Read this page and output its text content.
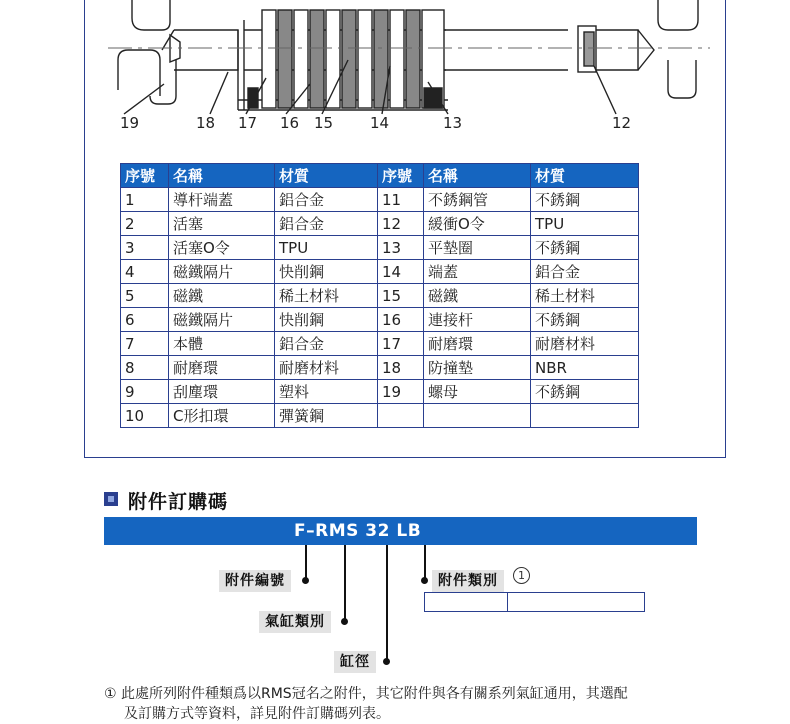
19	18 17 16 15 14	13	12
序號	名稱	材質	序號	名稱	材質
1	導杆端蓋	鋁合金	11	不銹鋼管	不銹鋼
2	活塞	鋁合金	12	緩衝O令	TPU
3	活塞O令	TPU	13	平墊圈	不銹鋼
4	磁鐵隔片	快削鋼	14	端蓋	鋁合金
5	磁鐵	稀土材料	15	磁鐵	稀土材料
6	磁鐵隔片	快削鋼	16	連接杆	不銹鋼
7	本體	鋁合金	17	耐磨環	耐磨材料
8	耐磨環	耐磨材料	18	防撞墊	NBR
9	刮塵環	塑料	19	螺母	不銹鋼
10	C形扣環	彈簧鋼			
附件訂購碼
F–RMS 32 LB
附件編號
氣缸類別
缸徑
附件類別	1
① 此處所列附件種類爲以RMS冠名之附件，其它附件與各有關系列氣缸通用，其選配
及訂購方式等資料，詳見附件訂購碼列表。
